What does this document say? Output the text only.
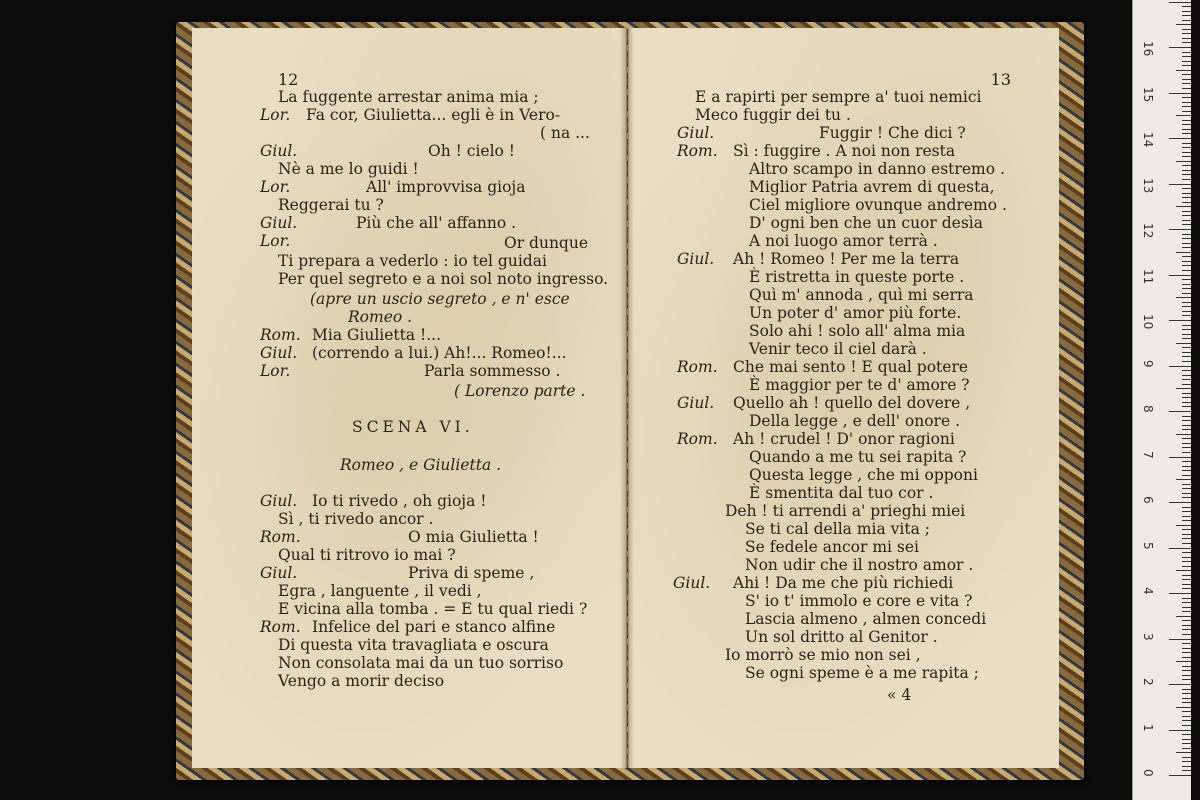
12
La fuggente arrestar anima mia ;
Lor. Fa cor, Giulietta... egli è in Vero-
( na ...
Giul.	Oh ! cielo !
Nè a me lo guidi !
Lor.	All' improvvisa gioja
Reggerai tu ?
Giul.	Più che all' affanno .
Lor.	Or dunque
Ti prepara a vederlo : io tel guidai
Per quel segreto e a noi sol noto ingresso.
(apre un uscio segreto , e n' esce
Romeo .
Rom. Mia Giulietta !...
Giul. (correndo a lui.) Ah!... Romeo!...
Lor.	Parla sommesso .
( Lorenzo parte .
SCENA VI.
Romeo , e Giulietta .
Giul. Io ti rivedo , oh gioja !
Sì , ti rivedo ancor .
Rom.	O mia Giulietta !
Qual ti ritrovo io mai ?
Giul.	Priva di speme ,
Egra , languente , il vedi ,
E vicina alla tomba . = E tu qual riedi ?
Rom. Infelice del pari e stanco alfine
Di questa vita travagliata e oscura
Non consolata mai da un tuo sorriso
Vengo a morir deciso
13
E a rapirti per sempre a' tuoi nemici
Meco fuggir dei tu .
Giul.	Fuggir ! Che dici ?
Rom. Sì : fuggire . A noi non resta
Altro scampo in danno estremo .
Miglior Patria avrem di questa,
Ciel migliore ovunque andremo .
D' ogni ben che un cuor desìa
A noi luogo amor terrà .
Giul. Ah ! Romeo ! Per me la terra
È ristretta in queste porte .
Quì m' annoda , quì mi serra
Un poter d' amor più forte.
Solo ahi ! solo all' alma mia
Venir teco il ciel darà .
Rom. Che mai sento ! E qual potere
È maggior per te d' amore ?
Giul. Quello ah ! quello del dovere ,
Della legge , e dell' onore .
Rom. Ah ! crudel ! D' onor ragioni
Quando a me tu sei rapita ?
Questa legge , che mi opponi
È smentita dal tuo cor .
Deh ! ti arrendi a' prieghi miei
Se ti cal della mia vita ;
Se fedele ancor mi sei
Non udir che il nostro amor .
Giul. Ahi ! Da me che più richiedi
S' io t' immolo e core e vita ?
Lascia almeno , almen concedi
Un sol dritto al Genitor .
Io morrò se mio non sei ,
Se ogni speme è a me rapita ;
« 4
0
1
2
3
4
5
6
7
8
9
10
11
12
13
14
15
16
